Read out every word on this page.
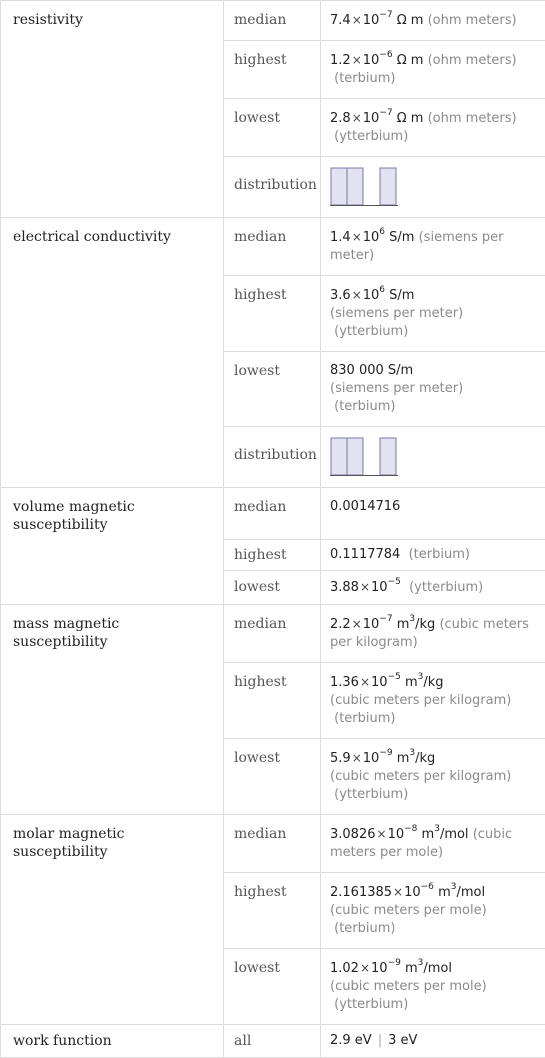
resistivity	median	$7.4\times 10^{-7}$ Ω m (ohm meters)
	highest	$1.2\times 10^{-6}$ Ω m (ohm meters)
(terbium)
	lowest	$2.8\times 10^{-7}$ Ω m (ohm meters)
(ytterbium)
	distribution	

electrical conductivity	median	$1.4\times 10^6$ S/m (siemens per meter)
	highest	$3.6\times 10^6$ S/m
(siemens per meter)
(ytterbium)
	lowest	830 000 S/m
(siemens per meter)
(terbium)
	distribution	

volume magnetic susceptibility	median	0.0014716
	highest	0.1117784 (terbium)
	lowest	$3.88\times 10^{-5}$ (ytterbium)
mass magnetic susceptibility	median	$2.2\times 10^{-7}$ $m^3/kg$ (cubic meters per kilogram)
	highest	$1.36\times 10^{-5}$ $m^3/kg$
(cubic meters per kilogram)
(terbium)
	lowest	$5.9\times 10^{-9}$ $m^3/kg$
(cubic meters per kilogram)
(ytterbium)
molar magnetic susceptibility	median	$3.0826\times 10^{-8}$ $m^3$/mol (cubic meters per mole)
	highest	$2.161385\times 10^{-6}$ $m^3$/mol
(cubic meters per mole)
(terbium)
	lowest	$1.02\times 10^{-9}$ $m^3$/mol
(cubic meters per mole)
(ytterbium)
work function	all	2.9 eV | 3 eV
